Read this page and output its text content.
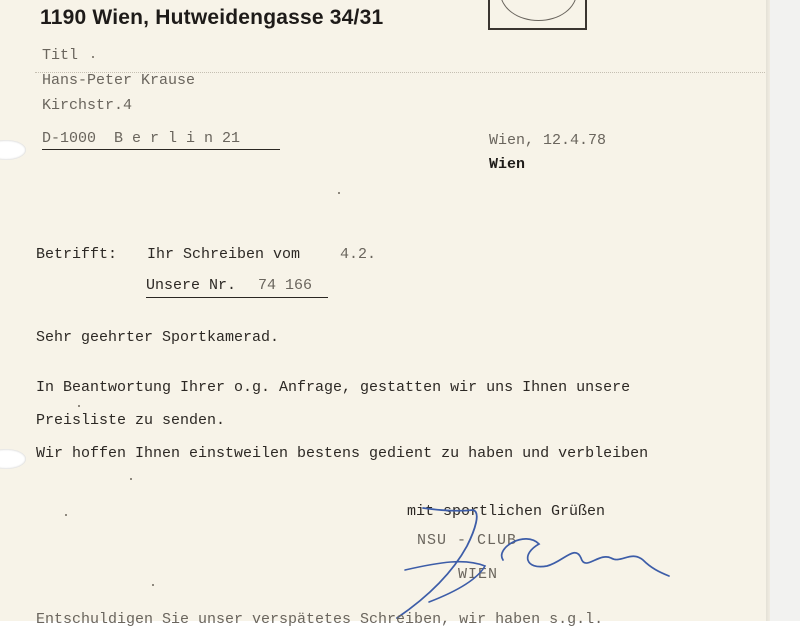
1190 Wien, Hutweidengasse 34/31
Titl
Hans-Peter Krause
Kirchstr.4
D-1000  B e r l i n 21	Wien, 12.4.78
Wien
Betrifft: Ihr Schreiben vom	4.2.
Unsere Nr. 74 166
Sehr geehrter Sportkamerad.
In Beantwortung Ihrer o.g. Anfrage, gestatten wir uns Ihnen unsere
Preisliste zu senden.
Wir hoffen Ihnen einstweilen bestens gedient zu haben und verbleiben
mit sportlichen Grüßen
NSU - CLUB
WIEN
Entschuldigen Sie unser verspätetes Schreiben, wir haben s.g.l.
